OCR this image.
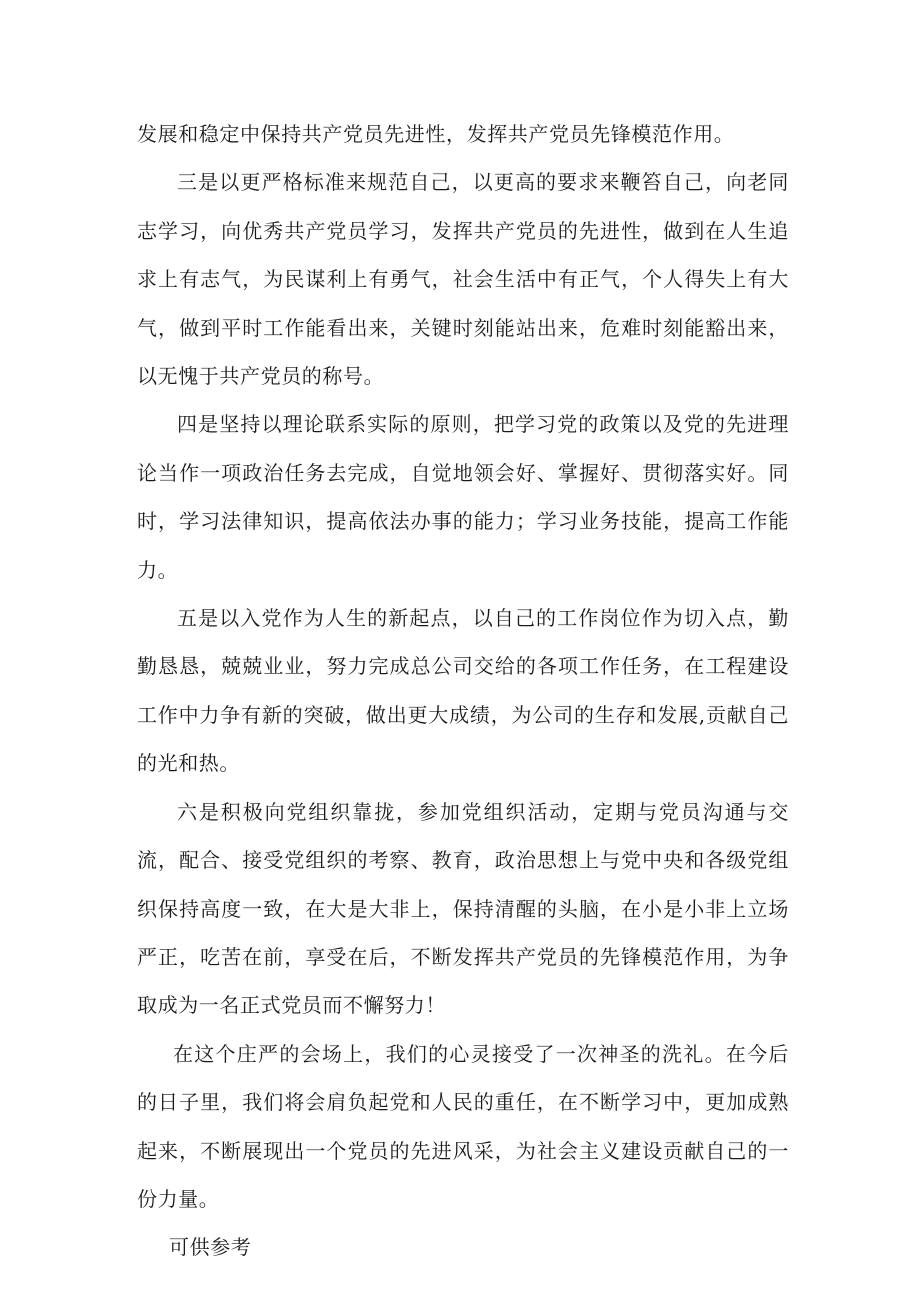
发展和稳定中保持共产党员先进性，发挥共产党员先锋模范作用。

三是以更严格标准来规范自己，以更高的要求来鞭笞自己，向老同志学习，向优秀共产党员学习，发挥共产党员的先进性，做到在人生追求上有志气，为民谋利上有勇气，社会生活中有正气，个人得失上有大气，做到平时工作能看出来，关键时刻能站出来，危难时刻能豁出来，以无愧于共产党员的称号。

四是坚持以理论联系实际的原则，把学习党的政策以及党的先进理论当作一项政治任务去完成，自觉地领会好、掌握好、贯彻落实好。同时，学习法律知识，提高依法办事的能力；学习业务技能，提高工作能力。

五是以入党作为人生的新起点，以自己的工作岗位作为切入点，勤勤恳恳，兢兢业业，努力完成总公司交给的各项工作任务，在工程建设工作中力争有新的突破，做出更大成绩，为公司的生存和发展,贡献自己的光和热。

六是积极向党组织靠拢，参加党组织活动，定期与党员沟通与交流，配合、接受党组织的考察、教育，政治思想上与党中央和各级党组织保持高度一致，在大是大非上，保持清醒的头脑，在小是小非上立场严正，吃苦在前，享受在后，不断发挥共产党员的先锋模范作用，为争取成为一名正式党员而不懈努力！

在这个庄严的会场上，我们的心灵接受了一次神圣的洗礼。在今后的日子里，我们将会肩负起党和人民的重任，在不断学习中，更加成熟起来，不断展现出一个党员的先进风采，为社会主义建设贡献自己的一份力量。

可供参考
